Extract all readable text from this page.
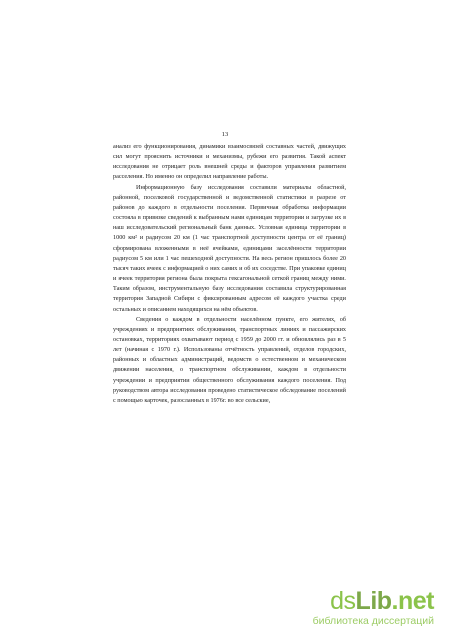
13

анализ его функционирования, динамики взаимосвязей составных частей, движущих сил могут прояснить источники и механизмы, рубежи его развития. Такой аспект исследования не отрицает роль внешней среды и факторов управления развитием расселения. Но именно он определил направление работы.

Информационную базу исследования составили материалы областной, районной, поселковой государственной и ведомственной статистики в разрезе от районов до каждого в отдельности поселения. Первичная обработка информации состояла в привязке сведений к выбранным нами единицам территории и загрузке их в наш исследовательский региональный банк данных. Условная единица территории в 1000 км² и радиусом 20 км (1 час транспортной доступности центра от её границ) сформирована вложенными в неё ячейками, единицами заселённости территории радиусом 5 км или 1 час пешеходной доступности. На весь регион пришлось более 20 тысяч таких ячеек с информацией о них самих и об их соседстве. При упаковке единиц и ячеек территория региона была покрыта гексагональной сеткой границ между ними. Таким образом, инструментальную базу исследования составила структурированная территория Западной Сибири с фиксированным адресом её каждого участка среди остальных и описанием находящихся на нём объектов.

Сведения о каждом в отдельности населённом пункте, его жителях, об учреждениях и предприятиях обслуживания, транспортных линиях и пассажирских остановках, территориях охватывают период с 1959 до 2000 гг. и обновлялись раз в 5 лет (начиная с 1970 г.). Использованы отчётность управлений, отделов городских, районных и областных администраций, ведомств о естественном и механическом движении населения, о транспортном обслуживании, каждом в отдельности учреждении и предприятии общественного обслуживания каждого поселения. Под руководством автора исследования проведено статистическое обследование поселений с помощью карточек, разосланных в 1976г. во все сельские,

dsLib.net
библиотека диссертаций
